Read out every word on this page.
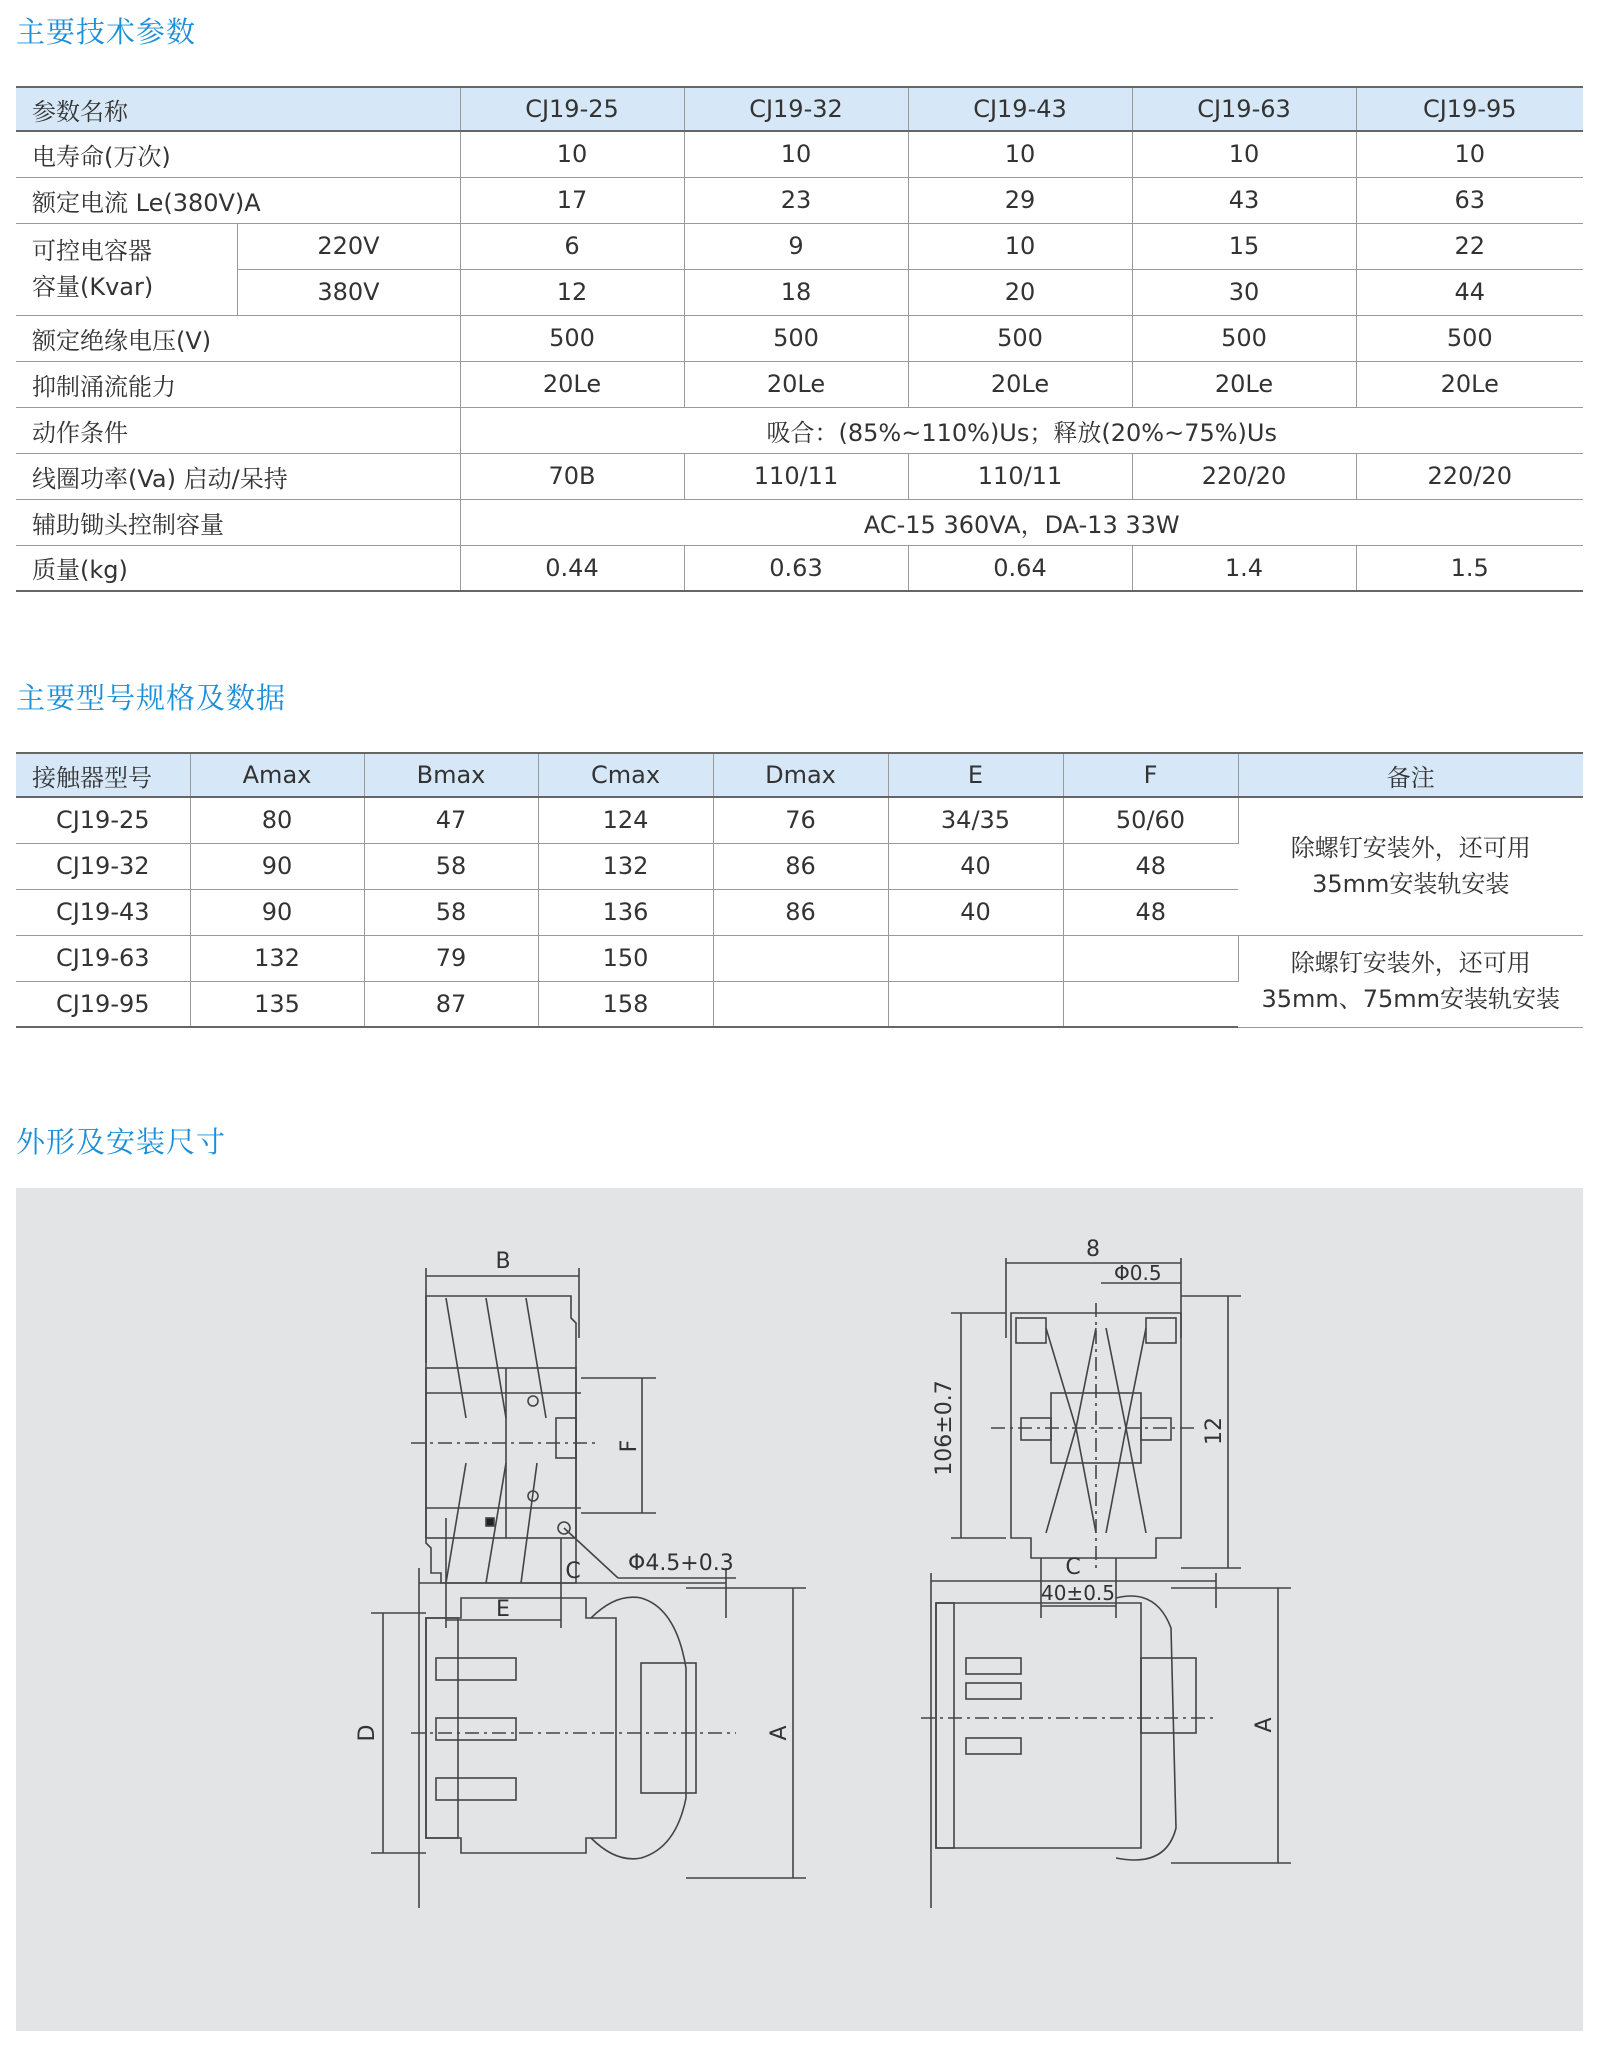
主要技术参数
参数名称		CJ19-25	CJ19-32	CJ19-43	CJ19-63	CJ19-95
电寿命(万次)		10	10	10	10	10
额定电流 Le(380V)A		17	23	29	43	63

可控电容器
容量(Kvar)	220V	6	9	10	15	22
	380V	12	18	20	30	44
额定绝缘电压(V)		500	500	500	500	500
抑制涌流能力		20Le	20Le	20Le	20Le	20Le
动作条件		吸合：(85%~110%)Us；释放(20%~75%)Us				
线圈功率(Va) 启动/呆持		70B	110/11	110/11	220/20	220/20
辅助锄头控制容量		AC-15 360VA，DA-13 33W				
质量(kg)		0.44	0.63	0.64	1.4	1.5
主要型号规格及数据
接触器型号	Amax	Bmax	Cmax	Dmax	E	F	备注
CJ19-25	80	47	124	76	34/35	50/60	除螺钉安装外，还可用
35mm安装轨安装

CJ19-32	90	58	132	86	40	48	
CJ19-43	90	58	136	86	40	48	
CJ19-63	132	79	150				除螺钉安装外，还可用
35mm、75mm安装轨安装

CJ19-95	135	87	158				
外形及安装尺寸
B
F
E
Φ4.5+0.3
8
Φ0.5
106±0.7	12
40±0.5
C
D	A
C
A
